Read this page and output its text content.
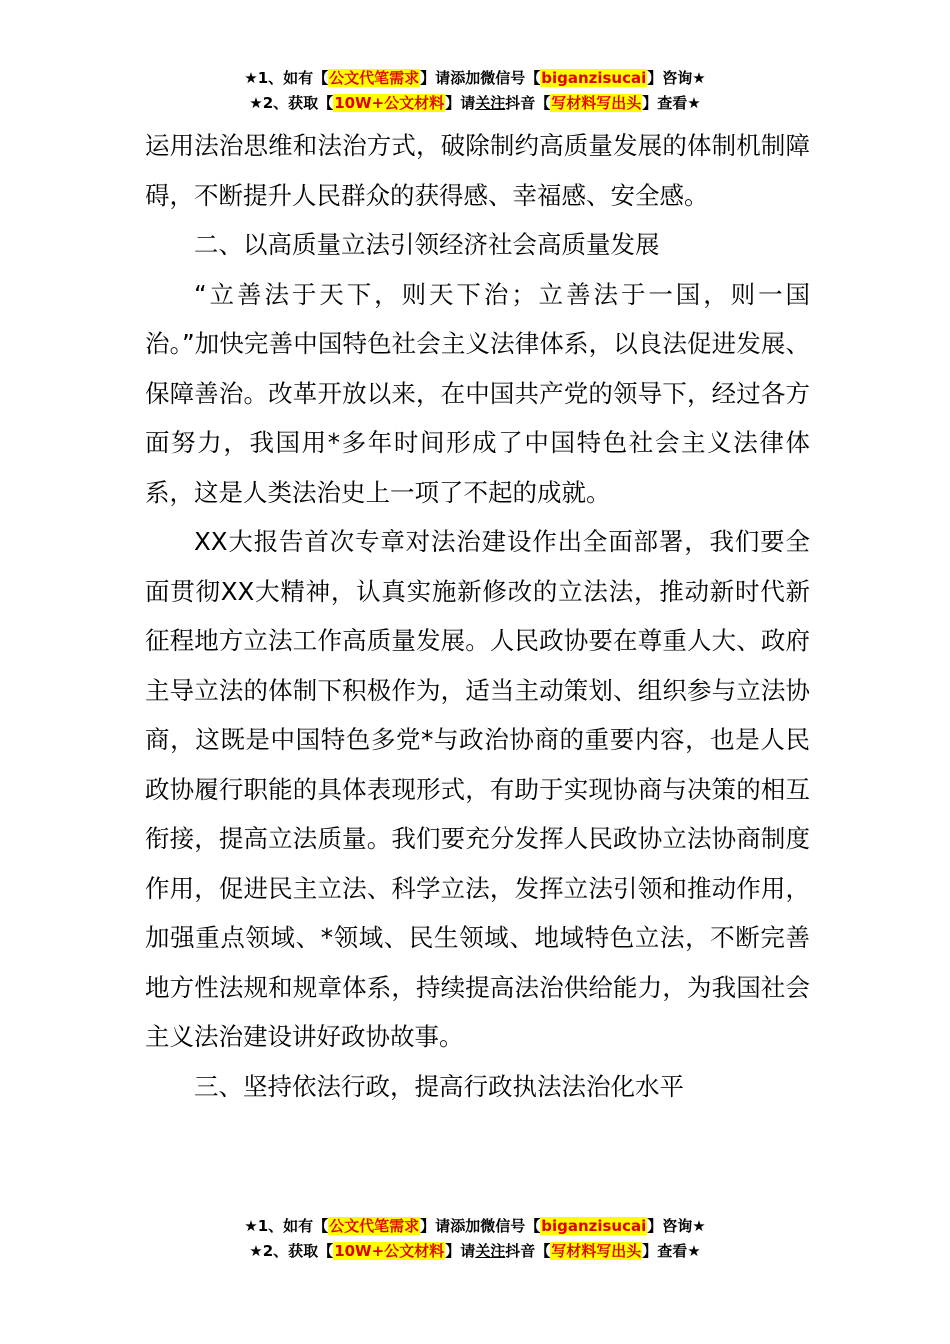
★1、如有【公文代笔需求】请添加微信号【biganzisucai】咨询★
★2、获取【10W+公文材料】请关注抖音【写材料写出头】查看★

运用法治思维和法治方式，破除制约高质量发展的体制机制障碍，不断提升人民群众的获得感、幸福感、安全感。

二、以高质量立法引领经济社会高质量发展

“立善法于天下，则天下治；立善法于一国，则一国治。”加快完善中国特色社会主义法律体系，以良法促进发展、保障善治。改革开放以来，在中国共产党的领导下，经过各方面努力，我国用*多年时间形成了中国特色社会主义法律体系，这是人类法治史上一项了不起的成就。

XX大报告首次专章对法治建设作出全面部署，我们要全面贯彻XX大精神，认真实施新修改的立法法，推动新时代新征程地方立法工作高质量发展。人民政协要在尊重人大、政府主导立法的体制下积极作为，适当主动策划、组织参与立法协商，这既是中国特色多党*与政治协商的重要内容，也是人民政协履行职能的具体表现形式，有助于实现协商与决策的相互衔接，提高立法质量。我们要充分发挥人民政协立法协商制度作用，促进民主立法、科学立法，发挥立法引领和推动作用，加强重点领域、*领域、民生领域、地域特色立法，不断完善地方性法规和规章体系，持续提高法治供给能力，为我国社会主义法治建设讲好政协故事。

三、坚持依法行政，提高行政执法法治化水平

★1、如有【公文代笔需求】请添加微信号【biganzisucai】咨询★
★2、获取【10W+公文材料】请关注抖音【写材料写出头】查看★
